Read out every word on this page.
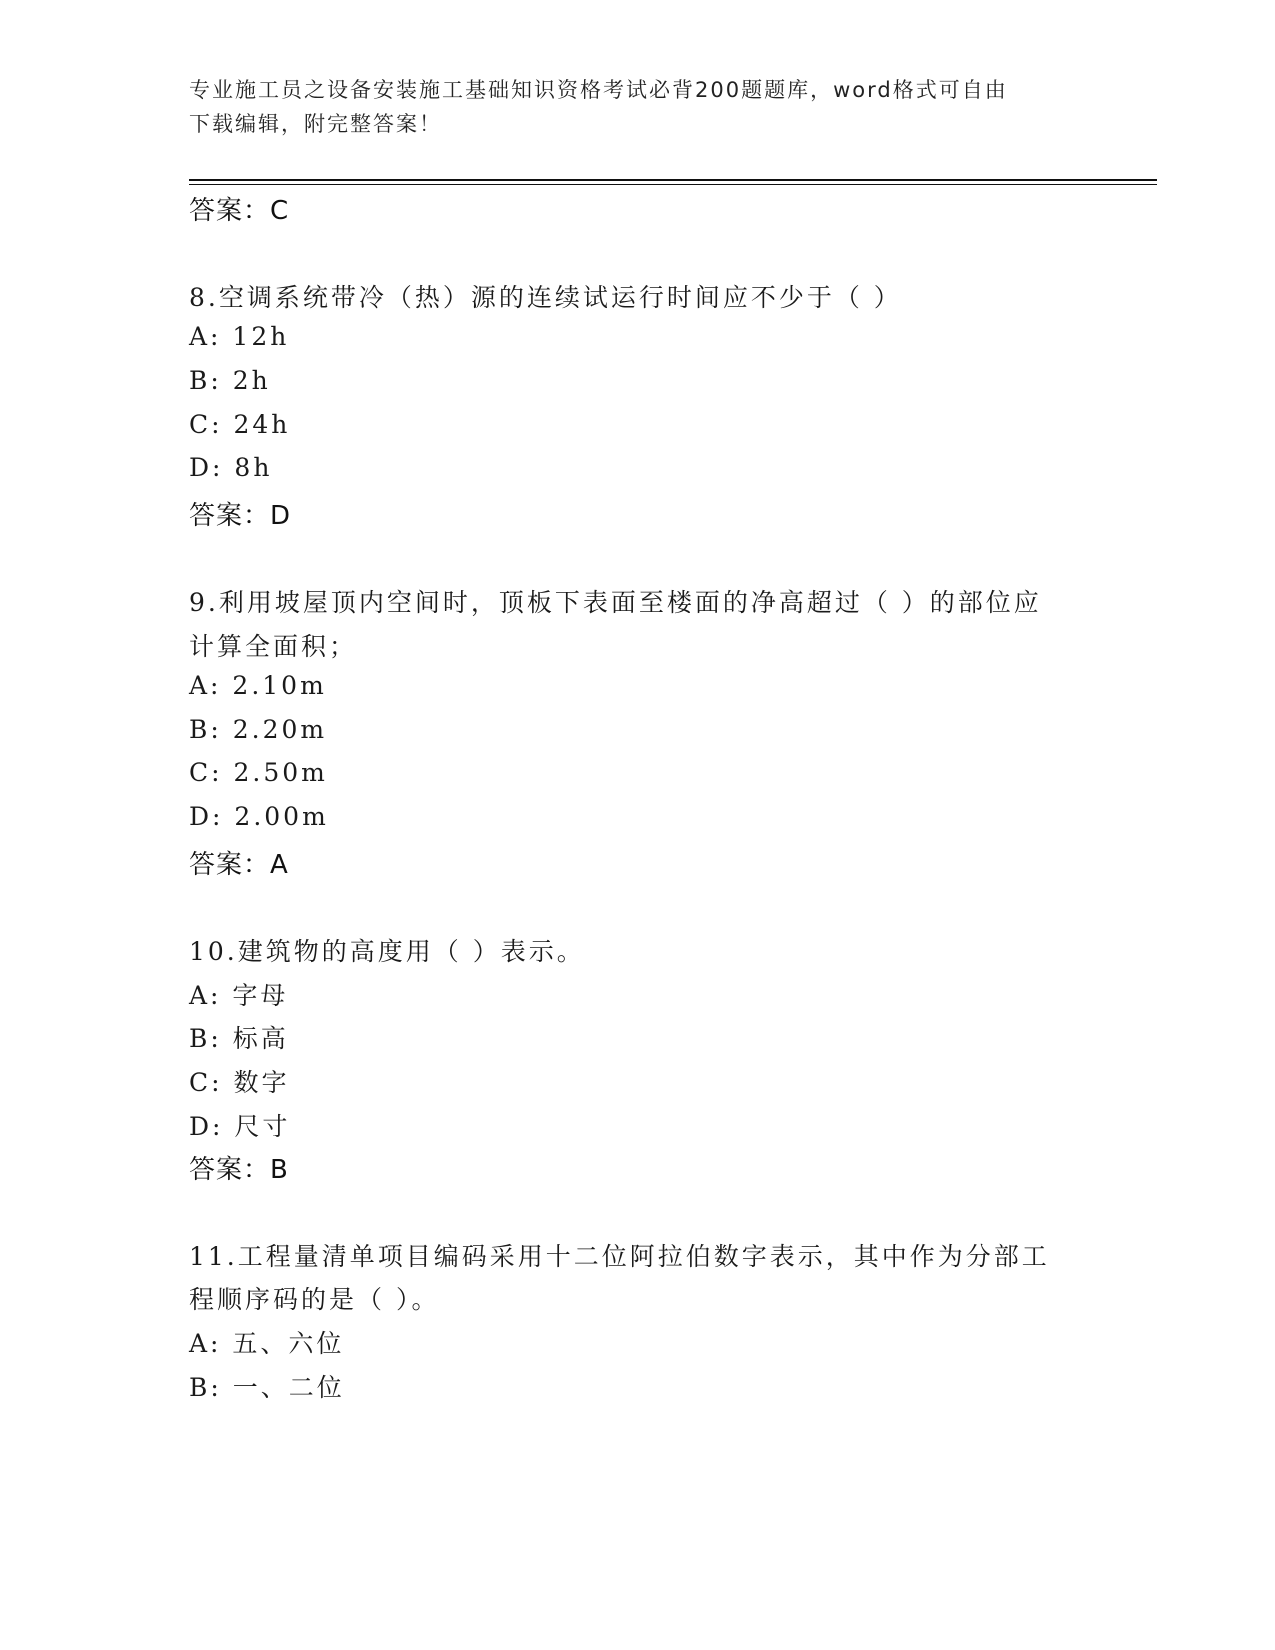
专业施工员之设备安装施工基础知识资格考试必背200题题库，word格式可自由
下载编辑，附完整答案！
答案：C
8.空调系统带冷（热）源的连续试运行时间应不少于（ ）
A: 12h
B: 2h
C: 24h
D: 8h
答案：D
9.利用坡屋顶内空间时，顶板下表面至楼面的净高超过（ ）的部位应
计算全面积；
A: 2.10m
B: 2.20m
C: 2.50m
D: 2.00m
答案：A
10.建筑物的高度用（ ）表示。
A: 字母
B: 标高
C: 数字
D: 尺寸
答案：B
11.工程量清单项目编码采用十二位阿拉伯数字表示，其中作为分部工
程顺序码的是（ ）。
A: 五、六位
B: 一、二位
